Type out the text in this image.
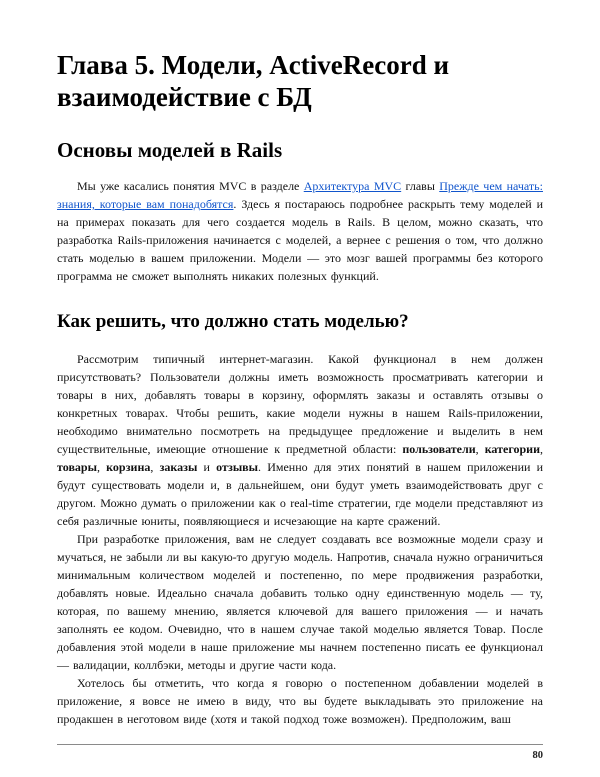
Глава 5. Модели, ActiveRecord и взаимодействие с БД
Основы моделей в Rails

Мы уже касались понятия MVC в разделе Архитектура MVC главы Прежде чем начать: знания, которые вам понадобятся. Здесь я постараюсь подробнее раскрыть тему моделей и на примерах показать для чего создается модель в Rails. В целом, можно сказать, что разработка Rails-приложения начинается с моделей, а вернее с решения о том, что должно стать моделью в вашем приложении. Модели — это мозг вашей программы без которого программа не сможет выполнять никаких полезных функций.

Как решить, что должно стать моделью?

Рассмотрим типичный интернет-магазин. Какой функционал в нем должен присутствовать? Пользователи должны иметь возможность просматривать категории и товары в них, добавлять товары в корзину, оформлять заказы и оставлять отзывы о конкретных товарах. Чтобы решить, какие модели нужны в нашем Rails-приложении, необходимо внимательно посмотреть на предыдущее предложение и выделить в нем существительные, имеющие отношение к предметной области: пользователи, категории, товары, корзина, заказы и отзывы. Именно для этих понятий в нашем приложении и будут существовать модели и, в дальнейшем, они будут уметь взаимодействовать друг с другом. Можно думать о приложении как о real-time стратегии, где модели представляют из себя различные юниты, появляющиеся и исчезающие на карте сражений.

При разработке приложения, вам не следует создавать все возможные модели сразу и мучаться, не забыли ли вы какую-то другую модель. Напротив, сначала нужно ограничиться минимальным количеством моделей и постепенно, по мере продвижения разработки, добавлять новые. Идеально сначала добавить только одну единственную модель — ту, которая, по вашему мнению, является ключевой для вашего приложения — и начать заполнять ее кодом. Очевидно, что в нашем случае такой моделью является Товар. После добавления этой модели в наше приложение мы начнем постепенно писать ее функционал — валидации, коллбэки, методы и другие части кода.

Хотелось бы отметить, что когда я говорю о постепенном добавлении моделей в приложение, я вовсе не имею в виду, что вы будете выкладывать это приложение на продакшен в неготовом виде (хотя и такой подход тоже возможен). Предположим, ваш

80
